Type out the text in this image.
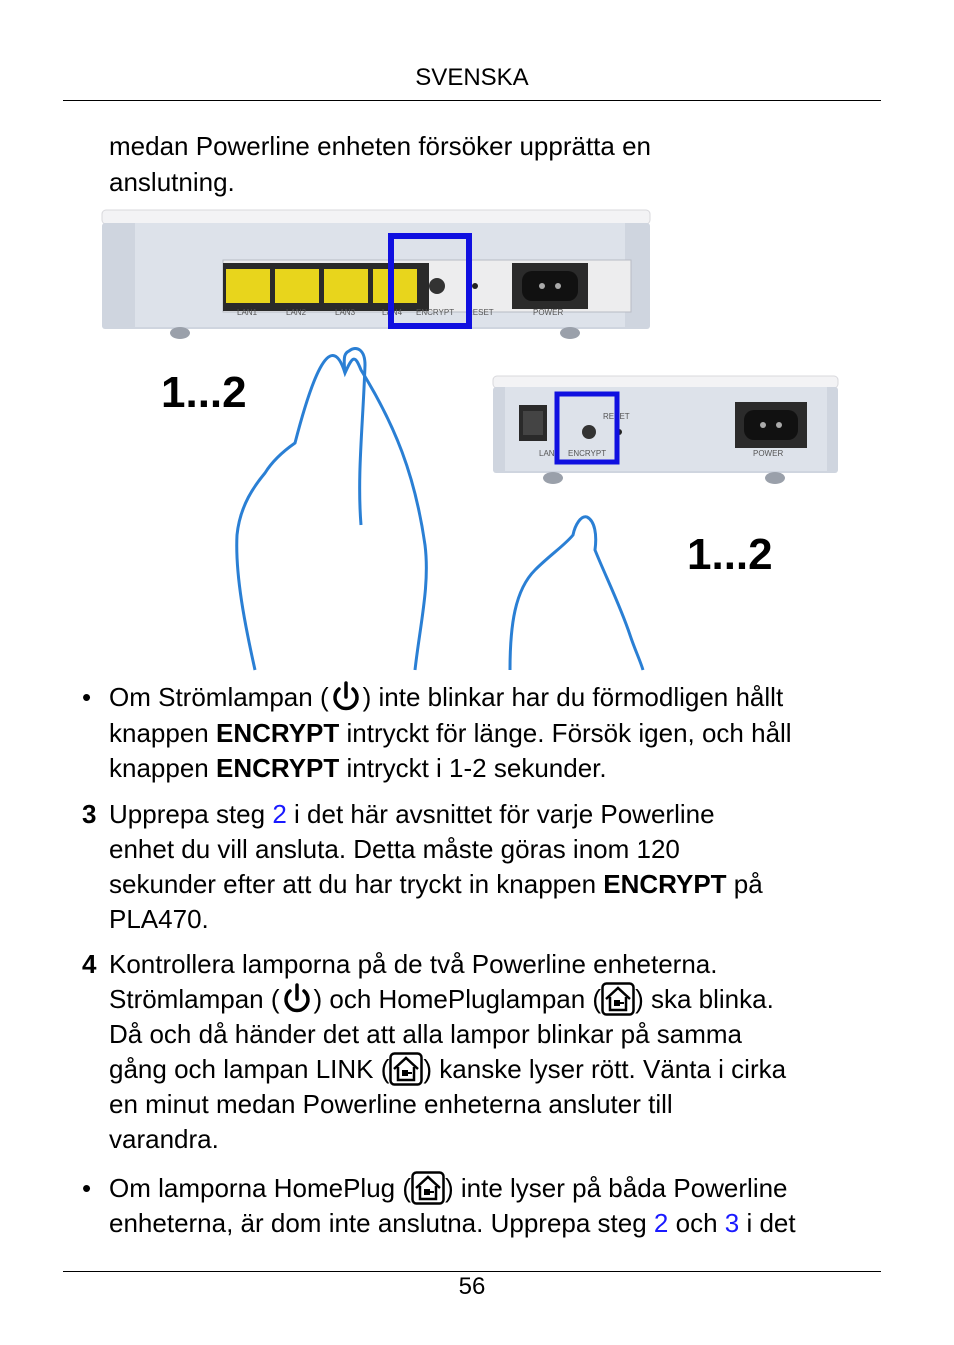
SVENSKA
medan Powerline enheten försöker upprätta en
anslutning.
LAN1	LAN2	LAN3	LAN4 ENCRYPT RESET	POWER
LAN ENCRYPT
RESET
POWER
1...2
1...2
• Om Strömlampan ( ) inte blinkar har du förmodligen hållt
knappen ENCRYPT intryckt för länge. Försök igen, och håll
knappen ENCRYPT intryckt i 1-2 sekunder.
3 Upprepa steg 2 i det här avsnittet för varje Powerline
enhet du vill ansluta. Detta måste göras inom 120
sekunder efter att du har tryckt in knappen ENCRYPT på
PLA470.
4 Kontrollera lamporna på de två Powerline enheterna.
Strömlampan ( ) och HomePluglampan ( ) ska blinka.
Då och då händer det att alla lampor blinkar på samma
gång och lampan LINK ( ) kanske lyser rött. Vänta i cirka
en minut medan Powerline enheterna ansluter till
varandra.
• Om lamporna HomePlug ( ) inte lyser på båda Powerline
enheterna, är dom inte anslutna. Upprepa steg 2 och 3 i det
56
